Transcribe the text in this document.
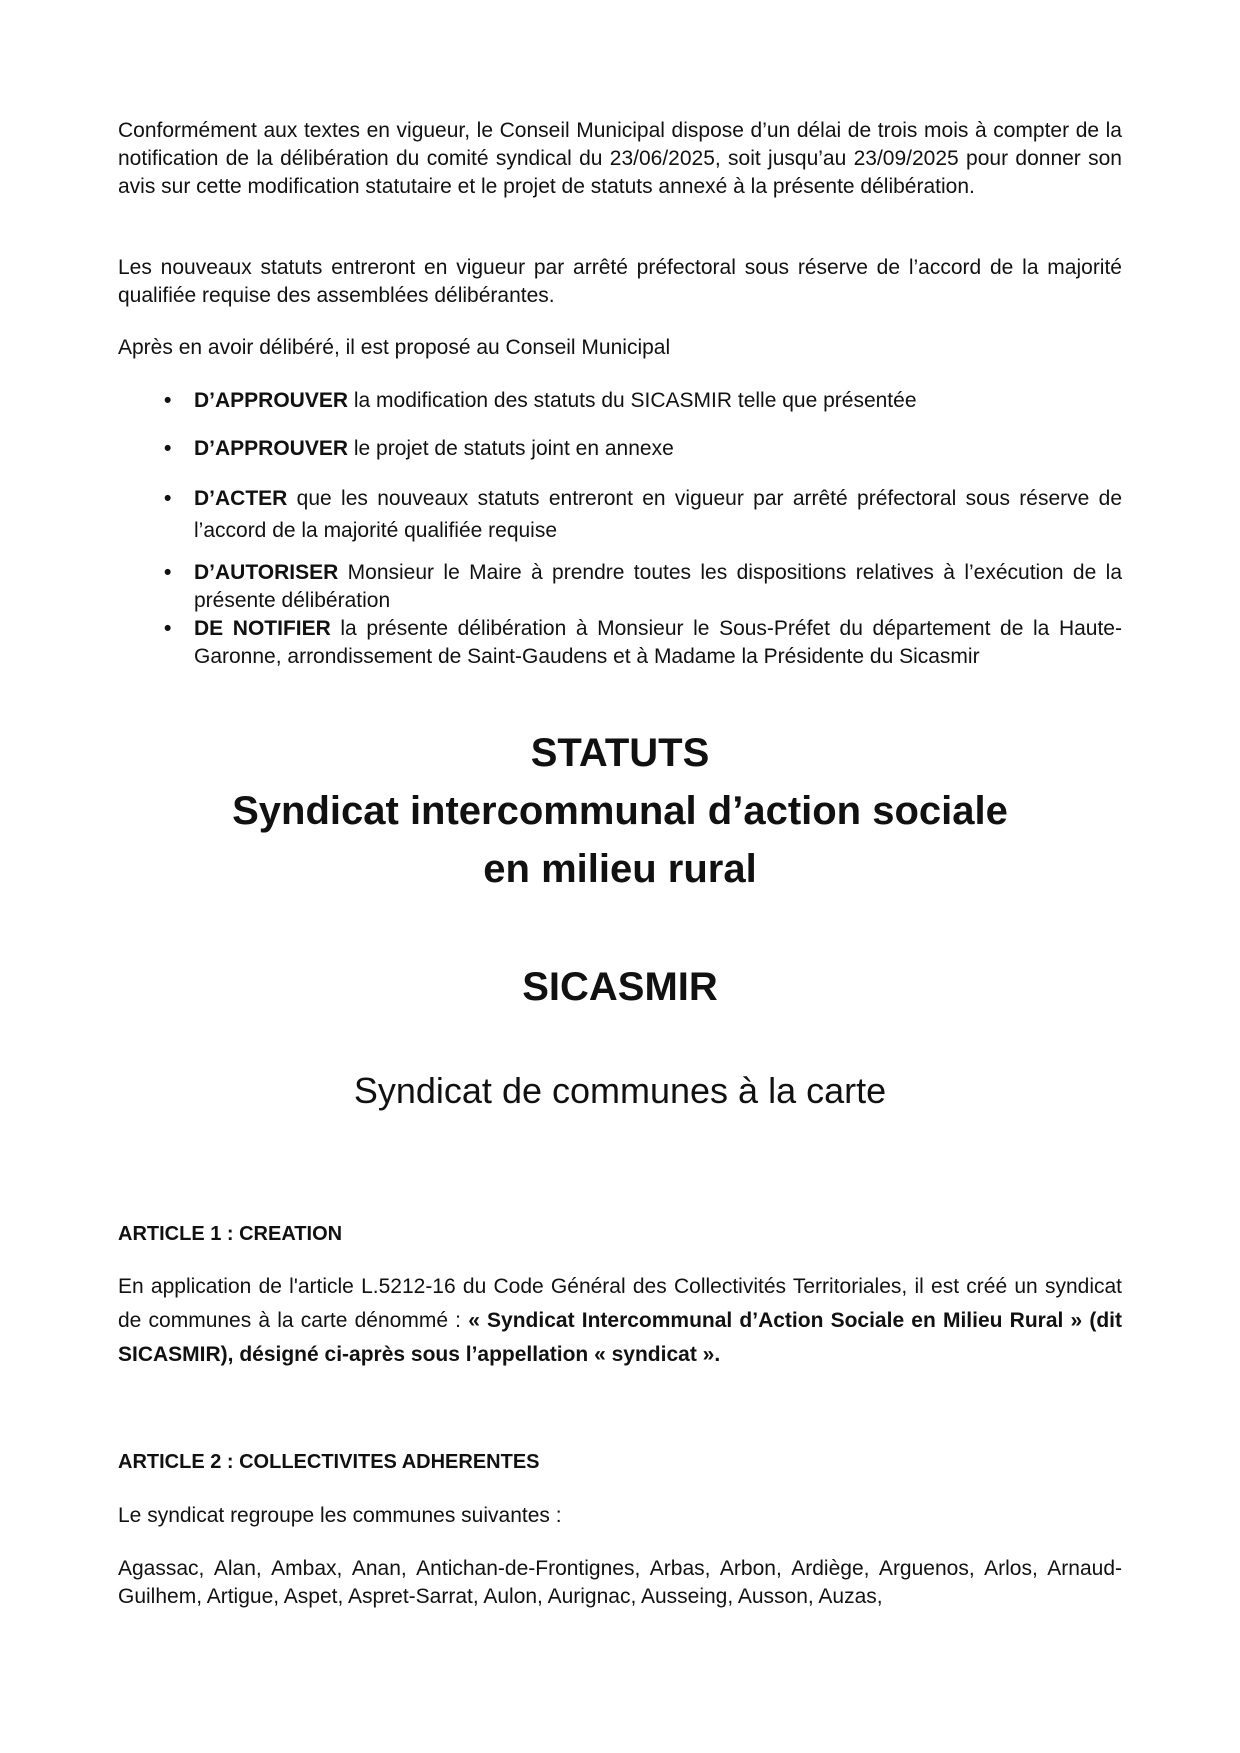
Conformément aux textes en vigueur, le Conseil Municipal dispose d’un délai de trois mois à compter de la notification de la délibération du comité syndical du 23/06/2025, soit jusqu’au 23/09/2025 pour donner son avis sur cette modification statutaire et le projet de statuts annexé à la présente délibération.

Les nouveaux statuts entreront en vigueur par arrêté préfectoral sous réserve de l’accord de la majorité qualifiée requise des assemblées délibérantes.

Après en avoir délibéré, il est proposé au Conseil Municipal

• D’APPROUVER la modification des statuts du SICASMIR telle que présentée
• D’APPROUVER le projet de statuts joint en annexe
• D’ACTER que les nouveaux statuts entreront en vigueur par arrêté préfectoral sous réserve de l’accord de la majorité qualifiée requise
• D’AUTORISER Monsieur le Maire à prendre toutes les dispositions relatives à l’exécution de la présente délibération
• DE NOTIFIER la présente délibération à Monsieur le Sous-Préfet du département de la Haute-Garonne, arrondissement de Saint-Gaudens et à Madame la Présidente du Sicasmir
STATUTS
Syndicat intercommunal d’action sociale
en milieu rural
SICASMIR
Syndicat de communes à la carte
ARTICLE 1 : CREATION

En application de l'article L.5212-16 du Code Général des Collectivités Territoriales, il est créé un syndicat de communes à la carte dénommé : « Syndicat Intercommunal d’Action Sociale en Milieu Rural » (dit SICASMIR), désigné ci-après sous l’appellation « syndicat ».

ARTICLE 2 : COLLECTIVITES ADHERENTES

Le syndicat regroupe les communes suivantes :

Agassac, Alan, Ambax, Anan, Antichan-de-Frontignes, Arbas, Arbon, Ardiège, Arguenos, Arlos, Arnaud-Guilhem, Artigue, Aspet, Aspret-Sarrat, Aulon, Aurignac, Ausseing, Ausson, Auzas,
